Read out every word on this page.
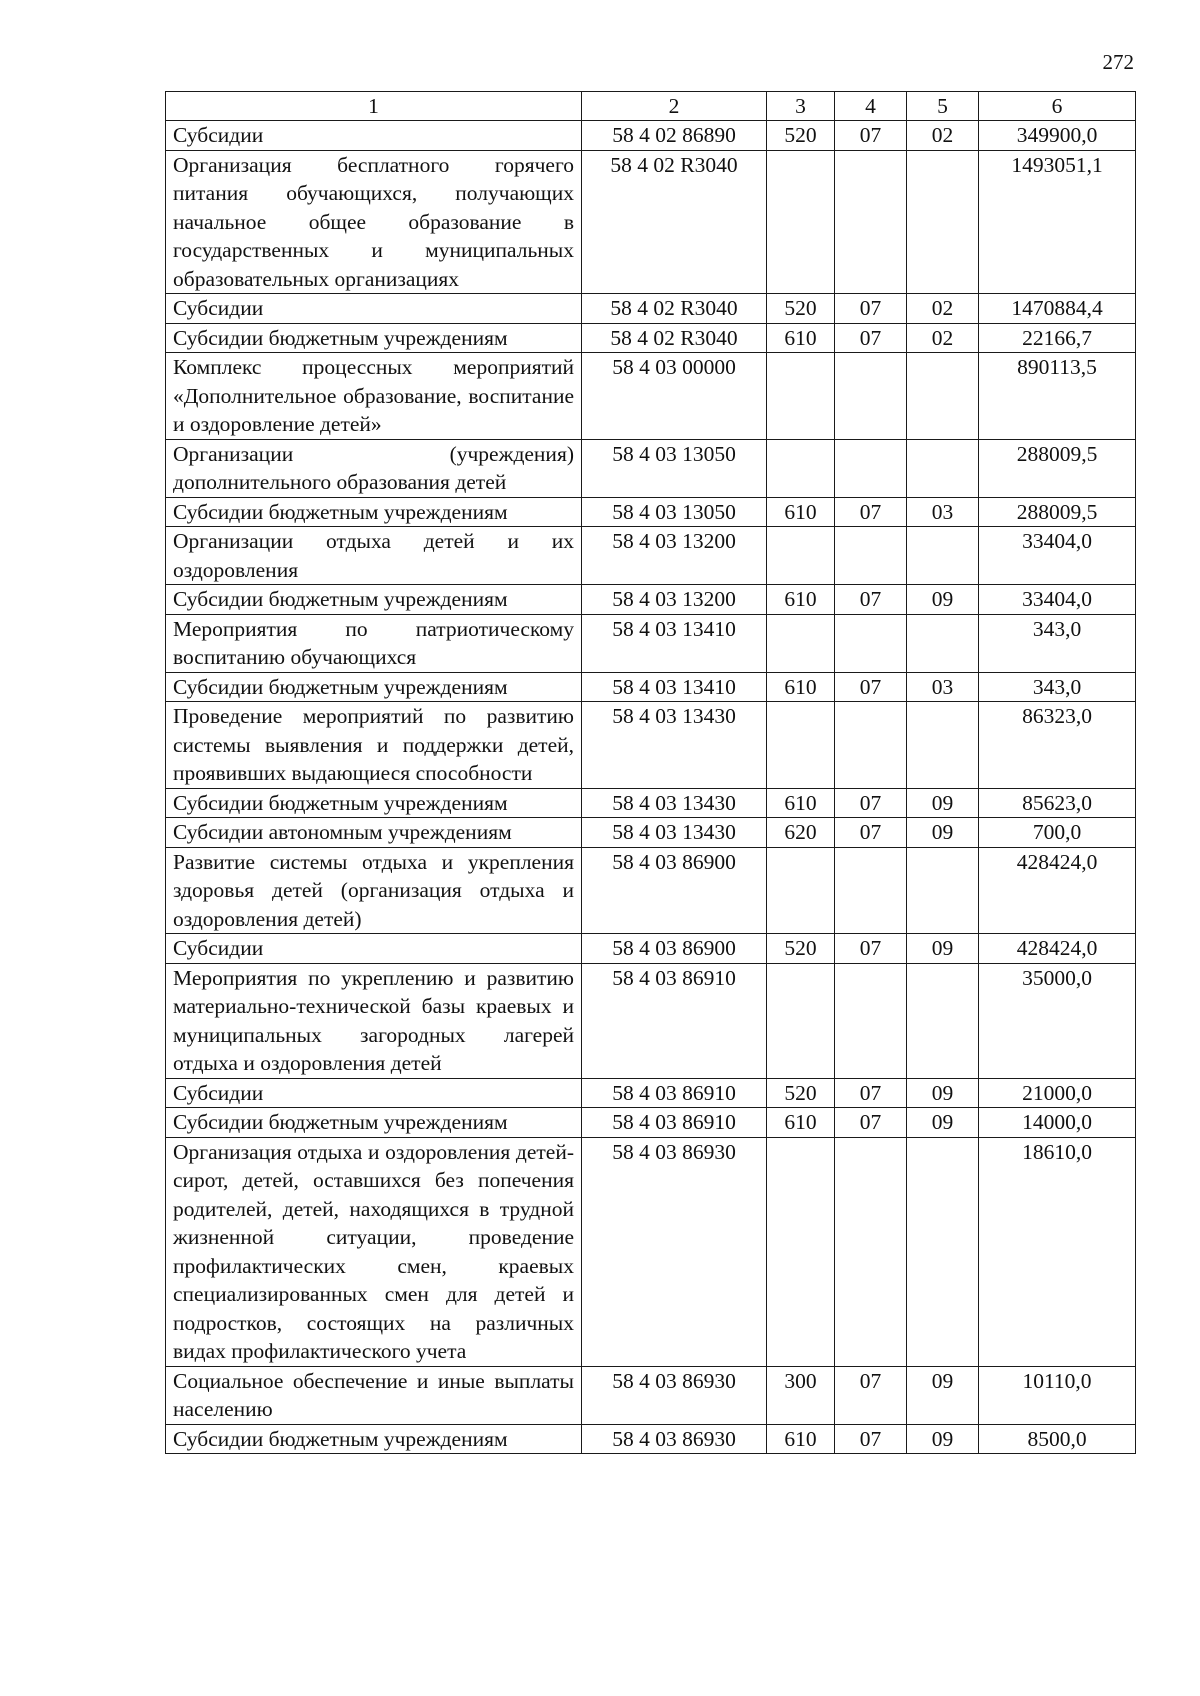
272
1	2	3	4	5	6
Субсидии	58 4 02 86890	520	07	02	349900,0
Организация бесплатного горячего питания обучающихся, получающих начальное общее образование в государственных и муниципальных образовательных организациях	58 4 02 R3040				1493051,1
Субсидии	58 4 02 R3040	520	07	02	1470884,4
Субсидии бюджетным учреждениям	58 4 02 R3040	610	07	02	22166,7
Комплекс процессных мероприятий «Дополнительное образование, воспитание и оздоровление детей»	58 4 03 00000				890113,5
Организации (учреждения) дополнительного образования детей	58 4 03 13050				288009,5
Субсидии бюджетным учреждениям	58 4 03 13050	610	07	03	288009,5
Организации отдыха детей и их оздоровления	58 4 03 13200				33404,0
Субсидии бюджетным учреждениям	58 4 03 13200	610	07	09	33404,0
Мероприятия по патриотическому воспитанию обучающихся	58 4 03 13410				343,0
Субсидии бюджетным учреждениям	58 4 03 13410	610	07	03	343,0
Проведение мероприятий по развитию системы выявления и поддержки детей, проявивших выдающиеся способности	58 4 03 13430				86323,0
Субсидии бюджетным учреждениям	58 4 03 13430	610	07	09	85623,0
Субсидии автономным учреждениям	58 4 03 13430	620	07	09	700,0
Развитие системы отдыха и укрепления здоровья детей (организация отдыха и оздоровления детей)	58 4 03 86900				428424,0
Субсидии	58 4 03 86900	520	07	09	428424,0
Мероприятия по укреплению и развитию материально-технической базы краевых и муниципальных загородных лагерей отдыха и оздоровления детей	58 4 03 86910				35000,0
Субсидии	58 4 03 86910	520	07	09	21000,0
Субсидии бюджетным учреждениям	58 4 03 86910	610	07	09	14000,0
Организация отдыха и оздоровления детей-сирот, детей, оставшихся без попечения родителей, детей, находящихся в трудной жизненной ситуации, проведение профилактических смен, краевых специализированных смен для детей и подростков, состоящих на различных видах профилактического учета	58 4 03 86930				18610,0
Социальное обеспечение и иные выплаты населению	58 4 03 86930	300	07	09	10110,0
Субсидии бюджетным учреждениям	58 4 03 86930	610	07	09	8500,0
